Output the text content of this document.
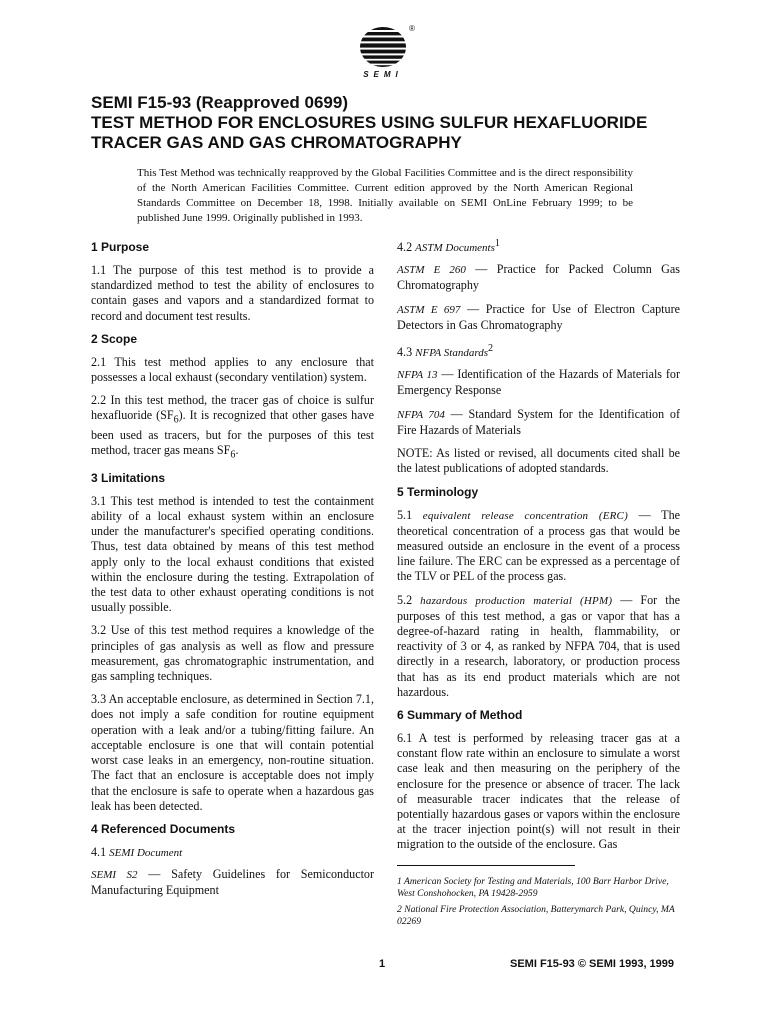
®
SEMI
SEMI F15-93 (Reapproved 0699)
TEST METHOD FOR ENCLOSURES USING SULFUR HEXAFLUORIDE
TRACER GAS AND GAS CHROMATOGRAPHY
This Test Method was technically reapproved by the Global Facilities Committee and is the direct responsibility of the North American Facilities Committee. Current edition approved by the North American Regional Standards Committee on December 18, 1998. Initially available on SEMI OnLine February 1999; to be published June 1999. Originally published in 1993.
1 Purpose

1.1 The purpose of this test method is to provide a standardized method to test the ability of enclosures to contain gases and vapors and a standardized format to record and document test results.

2 Scope

2.1 This test method applies to any enclosure that possesses a local exhaust (secondary ventilation) system.

2.2 In this test method, the tracer gas of choice is sulfur hexafluoride $(SF_6)$. It is recognized that other gases have been used as tracers, but for the purposes of this test method, tracer gas means $SF_6$.

3 Limitations

3.1 This test method is intended to test the containment ability of a local exhaust system within an enclosure under the manufacturer's specified operating conditions. Thus, test data obtained by means of this test method apply only to the local exhaust conditions that existed within the enclosure during the testing. Extrapolation of the test data to other exhaust operating conditions is not usually possible.

3.2 Use of this test method requires a knowledge of the principles of gas analysis as well as flow and pressure measurement, gas chromatographic instrumentation, and gas sampling techniques.

3.3 An acceptable enclosure, as determined in Section 7.1, does not imply a safe condition for routine equipment operation with a leak and/or a tubing/fitting failure. An acceptable enclosure is one that will contain potential worst case leaks in an emergency, non-routine situation. The fact that an enclosure is acceptable does not imply that the enclosure is safe to operate when a hazardous gas leak has been detected.

4 Referenced Documents

4.1 SEMI Document

SEMI S2 — Safety Guidelines for Semiconductor Manufacturing Equipment

4.2 ASTM Documents$^1$

ASTM E 260 — Practice for Packed Column Gas Chromatography

ASTM E 697 — Practice for Use of Electron Capture Detectors in Gas Chromatography

4.3 NFPA Standards$^2$

NFPA 13 — Identification of the Hazards of Materials for Emergency Response

NFPA 704 — Standard System for the Identification of Fire Hazards of Materials

NOTE: As listed or revised, all documents cited shall be the latest publications of adopted standards.

5 Terminology

5.1 equivalent release concentration (ERC) — The theoretical concentration of a process gas that would be measured outside an enclosure in the event of a process line failure. The ERC can be expressed as a percentage of the TLV or PEL of the process gas.

5.2 hazardous production material (HPM) — For the purposes of this test method, a gas or vapor that has a degree-of-hazard rating in health, flammability, or reactivity of 3 or 4, as ranked by NFPA 704, that is used directly in a research, laboratory, or production process that has as its end product materials which are not hazardous.

6 Summary of Method

6.1 A test is performed by releasing tracer gas at a constant flow rate within an enclosure to simulate a worst case leak and then measuring on the periphery of the enclosure for the presence or absence of tracer. The lack of measurable tracer indicates that the release of potentially hazardous gases or vapors within the enclosure at the tracer injection point(s) will not result in their migration to the outside of the enclosure. Gas

1 American Society for Testing and Materials, 100 Barr Harbor Drive, West Conshohocken, PA 19428-2959

2 National Fire Protection Association, Batterymarch Park, Quincy, MA 02269

1	SEMI F15-93 © SEMI 1993, 1999
